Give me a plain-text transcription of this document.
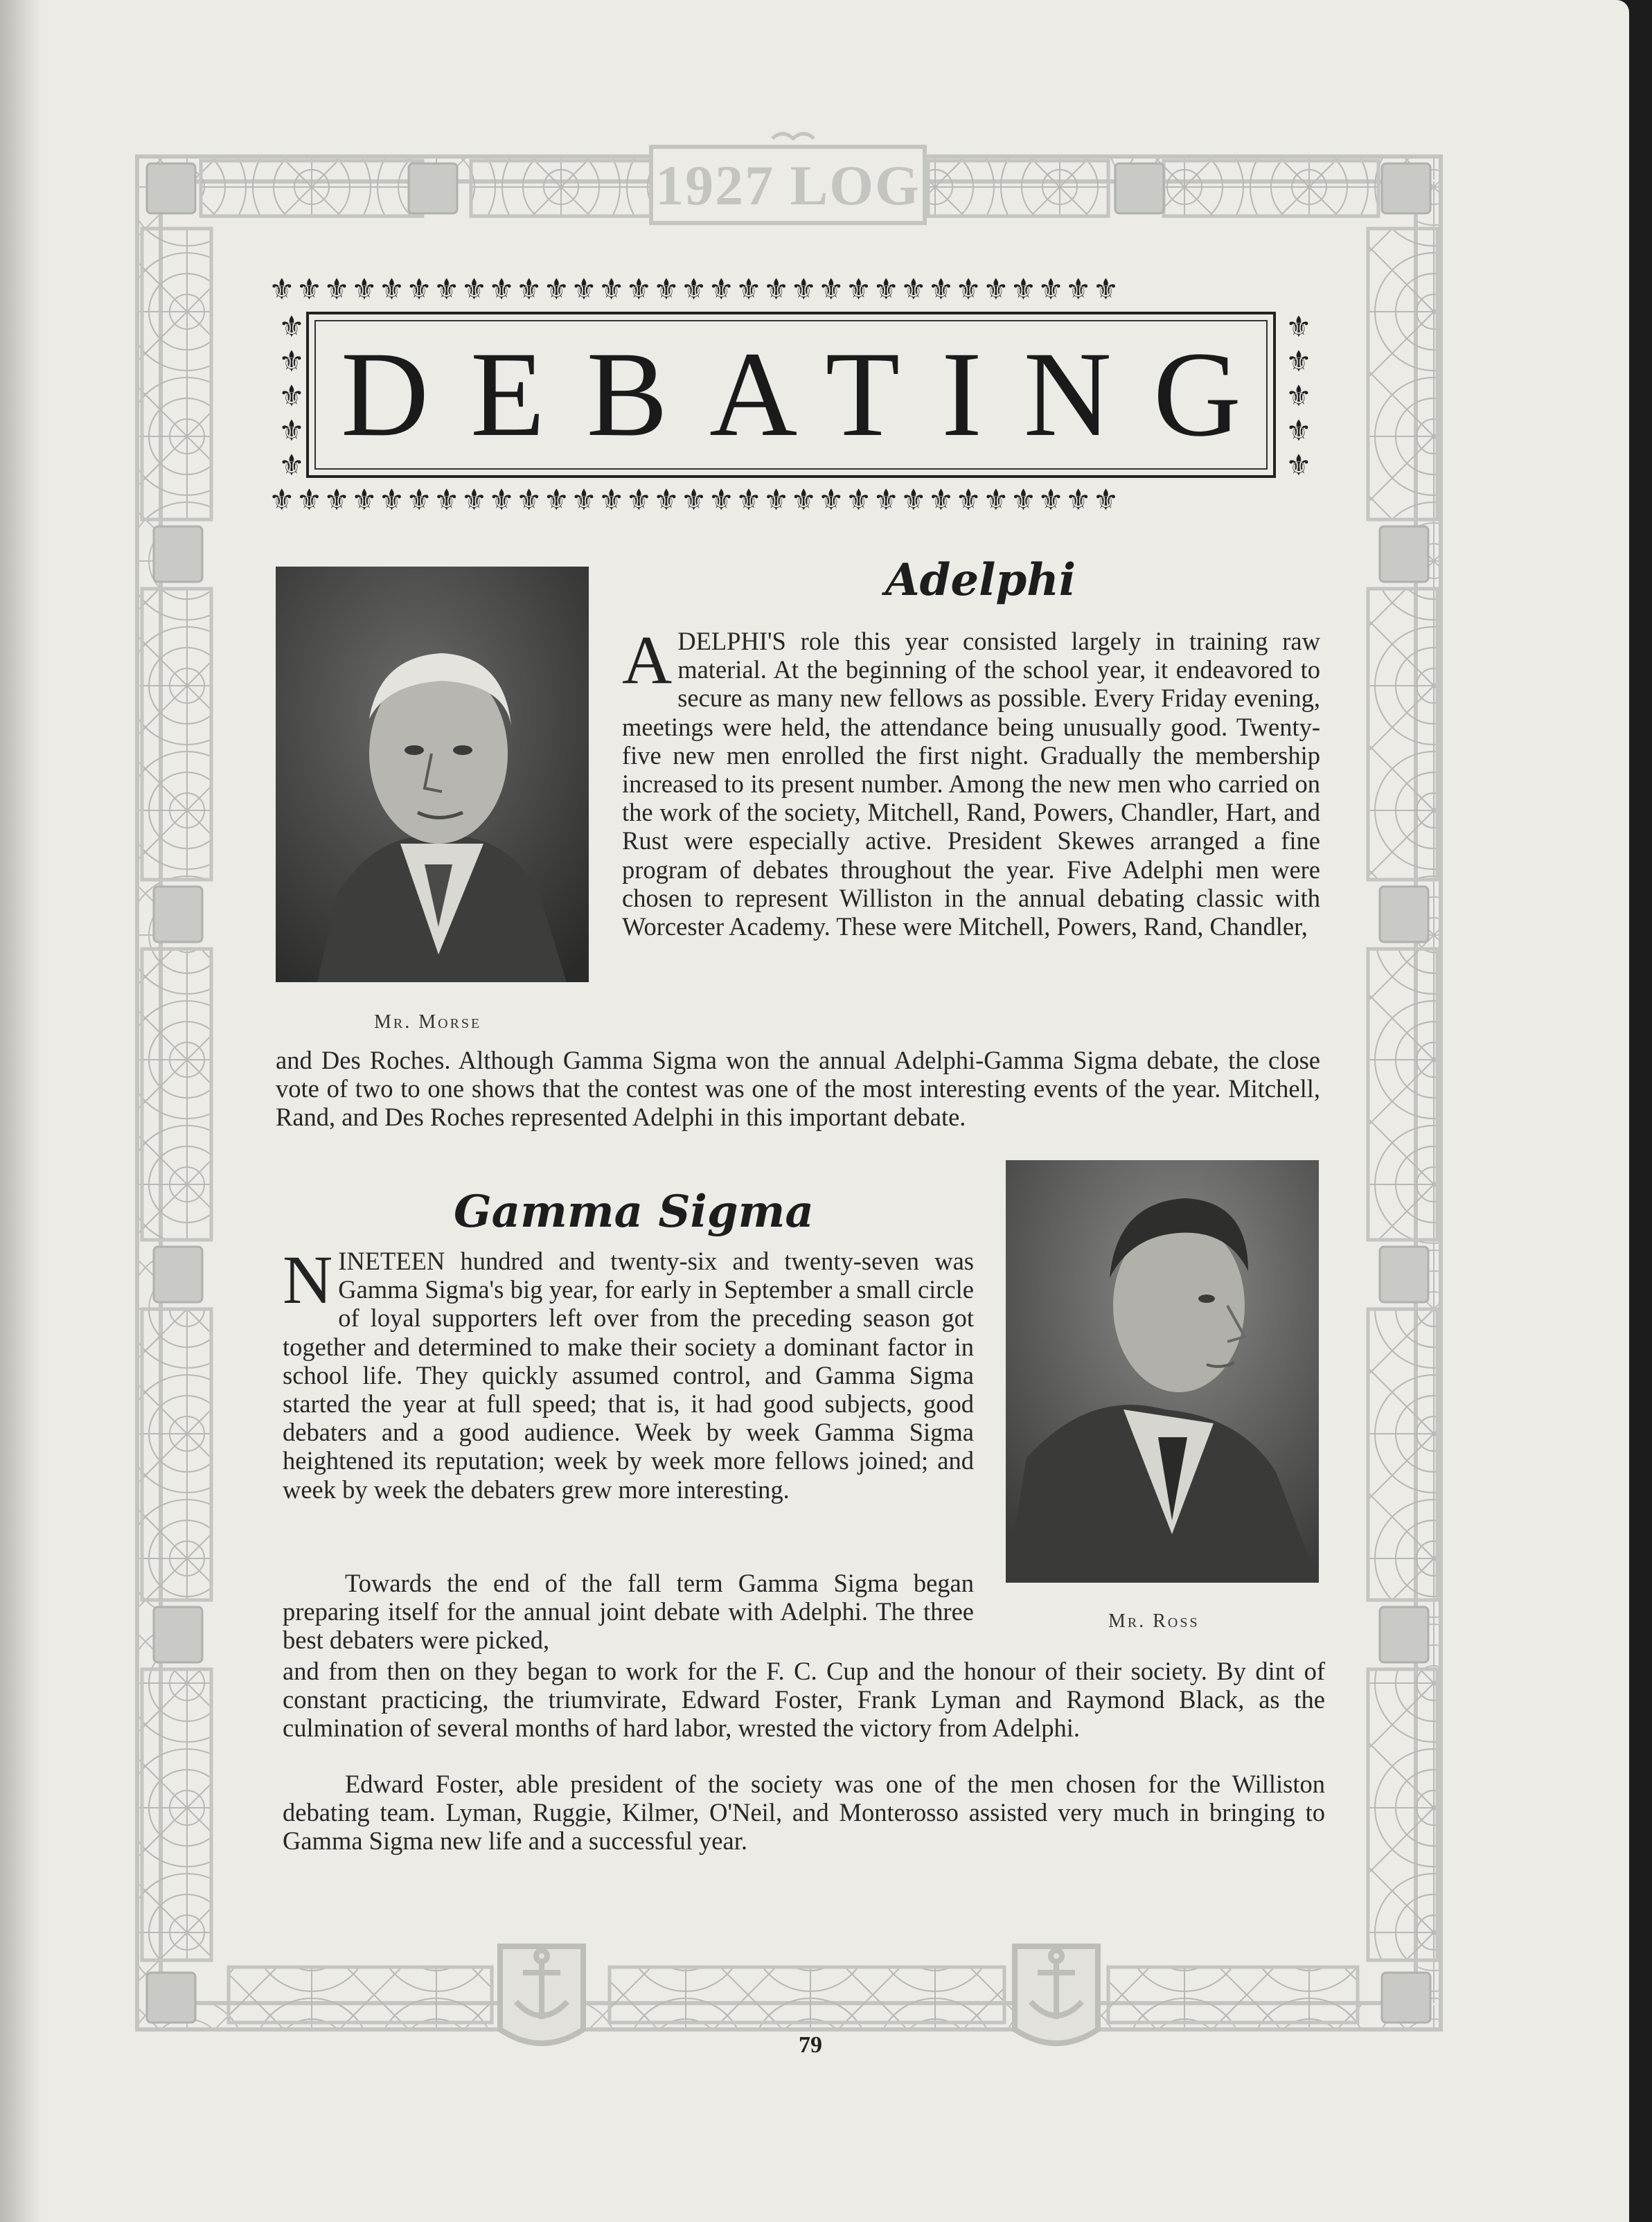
1927 LOG
⚜⚜⚜⚜⚜⚜⚜⚜⚜⚜⚜⚜⚜⚜⚜⚜⚜⚜⚜⚜⚜⚜⚜⚜⚜⚜⚜⚜⚜⚜⚜
⚜⚜⚜⚜⚜⚜⚜⚜⚜⚜⚜⚜⚜⚜⚜⚜⚜⚜⚜⚜⚜⚜⚜⚜⚜⚜⚜⚜⚜⚜⚜
⚜
⚜
⚜
⚜
⚜
⚜
⚜
⚜
⚜
⚜
DEBATING
Adelphi
Mr. Morse
ADELPHI'S role this year consisted largely in training raw material. At the beginning of the school year, it endeavored to secure as many new fellows as possible. Every Friday evening, meetings were held, the attendance being unusually good. Twenty-five new men enrolled the first night. Gradually the membership increased to its present number. Among the new men who carried on the work of the society, Mitchell, Rand, Powers, Chandler, Hart, and Rust were especially active. President Skewes arranged a fine program of debates throughout the year. Five Adelphi men were chosen to represent Williston in the annual debating classic with Worcester Academy. These were Mitchell, Powers, Rand, Chandler,
and Des Roches. Although Gamma Sigma won the annual Adelphi-Gamma Sigma debate, the close vote of two to one shows that the contest was one of the most interesting events of the year. Mitchell, Rand, and Des Roches represented Adelphi in this important debate.
Gamma Sigma
Mr. Ross
NINETEEN hundred and twenty-six and twenty-seven was Gamma Sigma's big year, for early in September a small circle of loyal supporters left over from the preceding season got together and determined to make their society a dominant factor in school life. They quickly assumed control, and Gamma Sigma started the year at full speed; that is, it had good subjects, good debaters and a good audience. Week by week Gamma Sigma heightened its reputation; week by week more fellows joined; and week by week the debaters grew more interesting.
Towards the end of the fall term Gamma Sigma began preparing itself for the annual joint debate with Adelphi. The three best debaters were picked,
and from then on they began to work for the F. C. Cup and the honour of their society. By dint of constant practicing, the triumvirate, Edward Foster, Frank Lyman and Raymond Black, as the culmination of several months of hard labor, wrested the victory from Adelphi.
Edward Foster, able president of the society was one of the men chosen for the Williston debating team. Lyman, Ruggie, Kilmer, O'Neil, and Monterosso assisted very much in bringing to Gamma Sigma new life and a successful year.
79
